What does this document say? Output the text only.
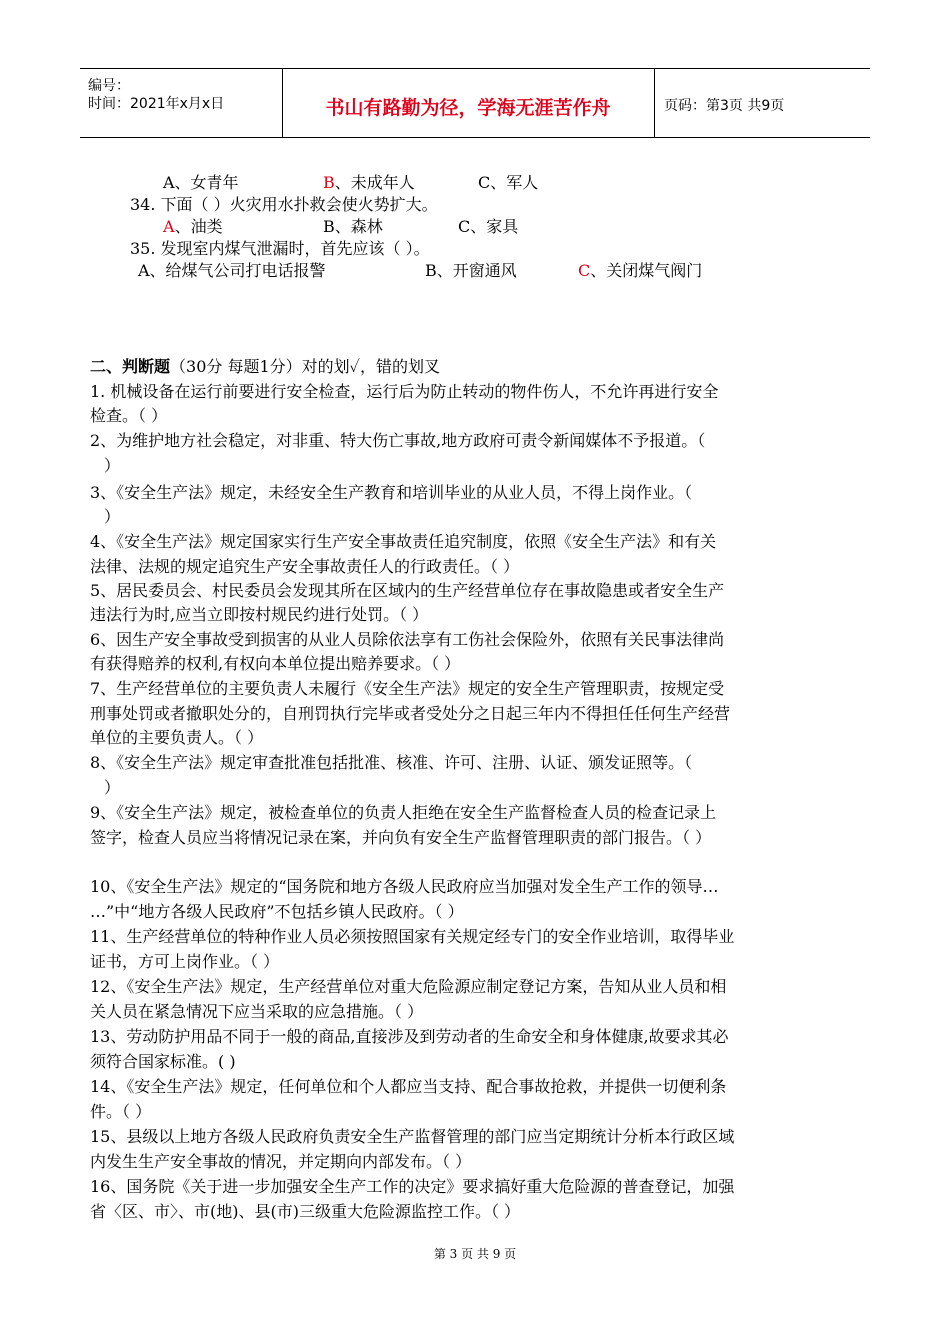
编号：
时间：2021年x月x日	书山有路勤为径，学海无涯苦作舟	页码：第3页 共9页
A、女青年	B、未成年人	C、军人
34. 下面（ ）火灾用水扑救会使火势扩大。
A、油类	B、森林	C、家具
35. 发现室内煤气泄漏时，首先应该（ ）。
A、给煤气公司打电话报警	B、开窗通风	C、关闭煤气阀门
二、判断题（30分 每题1分）对的划✓，错的划叉
1. 机械设备在运行前要进行安全检查，运行后为防止转动的物件伤人，不允许再进行安全
检查。（ ）
2、为维护地方社会稳定，对非重、特大伤亡事故,地方政府可责令新闻媒体不予报道。（
）
3、《安全生产法》规定，未经安全生产教育和培训毕业的从业人员，不得上岗作业。（
）
4、《安全生产法》规定国家实行生产安全事故责任追究制度，依照《安全生产法》和有关
法律、法规的规定追究生产安全事故责任人的行政责任。（ ）
5、居民委员会、村民委员会发现其所在区域内的生产经营单位存在事故隐患或者安全生产
违法行为时,应当立即按村规民约进行处罚。（ ）
6、因生产安全事故受到损害的从业人员除依法享有工伤社会保险外，依照有关民事法律尚
有获得赔养的权利,有权向本单位提出赔养要求。（ ）
7、生产经营单位的主要负责人未履行《安全生产法》规定的安全生产管理职责，按规定受
刑事处罚或者撤职处分的，自刑罚执行完毕或者受处分之日起三年内不得担任任何生产经营
单位的主要负责人。（ ）
8、《安全生产法》规定审查批准包括批准、核准、许可、注册、认证、颁发证照等。（
）
9、《安全生产法》规定，被检查单位的负责人拒绝在安全生产监督检查人员的检查记录上
签字，检查人员应当将情况记录在案，并向负有安全生产监督管理职责的部门报告。（ ）
10、《安全生产法》规定的“国务院和地方各级人民政府应当加强对发全生产工作的领导…
…”中“地方各级人民政府”不包括乡镇人民政府。（ ）
11、生产经营单位的特种作业人员必须按照国家有关规定经专门的安全作业培训，取得毕业
证书，方可上岗作业。（ ）
12、《安全生产法》规定，生产经营单位对重大危险源应制定登记方案，告知从业人员和相
关人员在紧急情况下应当采取的应急措施。（ ）
13、劳动防护用品不同于一般的商品,直接涉及到劳动者的生命安全和身体健康,故要求其必
须符合国家标准。( )
14、《安全生产法》规定，任何单位和个人都应当支持、配合事故抢救，并提供一切便利条
件。（ ）
15、县级以上地方各级人民政府负责安全生产监督管理的部门应当定期统计分析本行政区域
内发生生产安全事故的情况，并定期向内部发布。（ ）
16、国务院《关于进一步加强安全生产工作的决定》要求搞好重大危险源的普查登记，加强
省〈区、市〉、市(地)、县(市)三级重大危险源监控工作。（ ）
第 3 页 共 9 页
